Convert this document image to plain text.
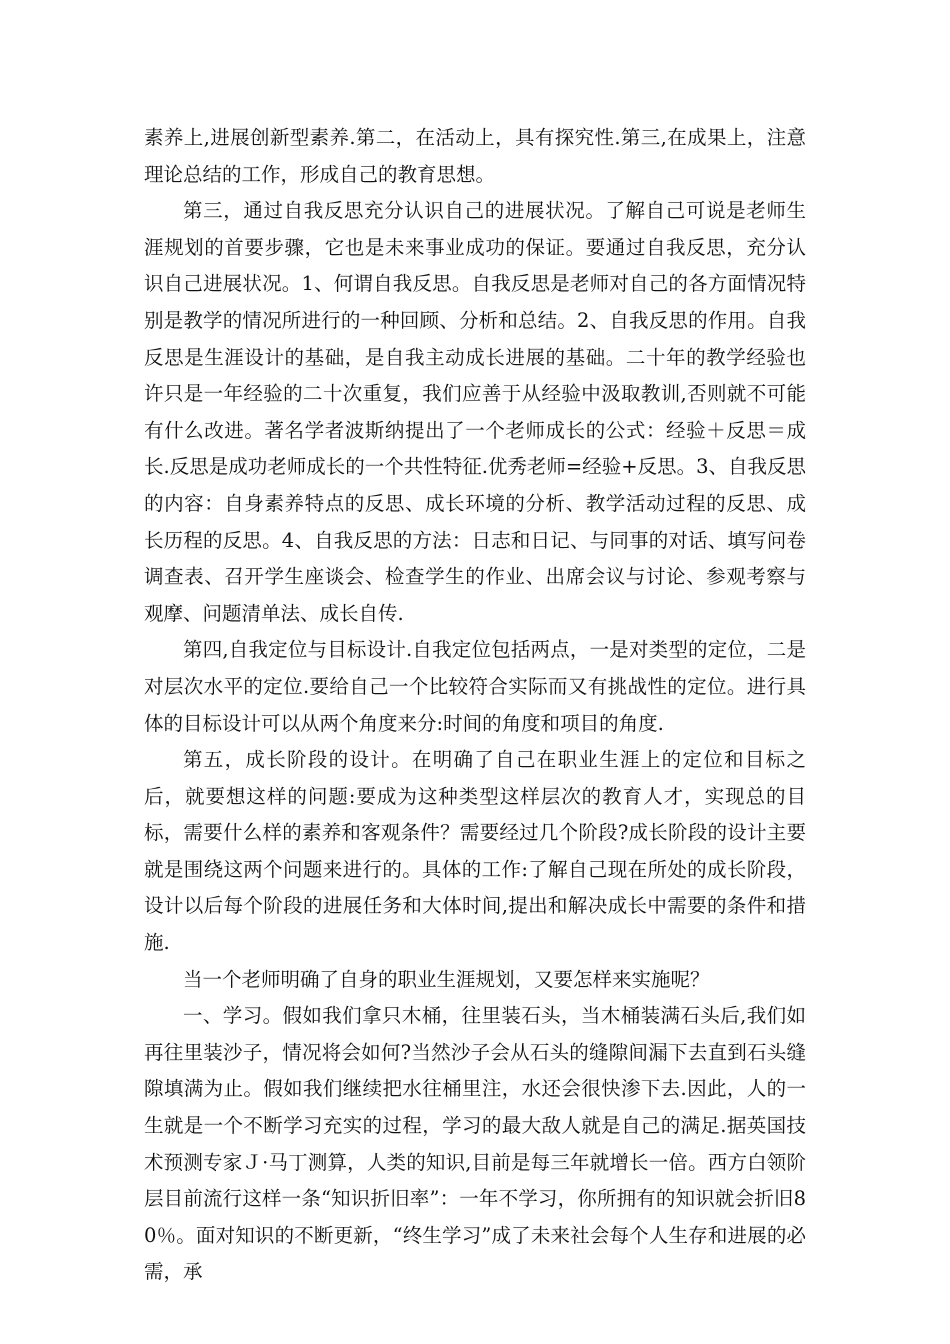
素养上,进展创新型素养.第二，在活动上，具有探究性.第三,在成果上，注意理论总结的工作，形成自己的教育思想。

第三，通过自我反思充分认识自己的进展状况。了解自己可说是老师生涯规划的首要步骤，它也是未来事业成功的保证。要通过自我反思，充分认识自己进展状况。1、何谓自我反思。自我反思是老师对自己的各方面情况特别是教学的情况所进行的一种回顾、分析和总结。2、自我反思的作用。自我反思是生涯设计的基础，是自我主动成长进展的基础。二十年的教学经验也许只是一年经验的二十次重复，我们应善于从经验中汲取教训,否则就不可能有什么改进。著名学者波斯纳提出了一个老师成长的公式：经验＋反思＝成长.反思是成功老师成长的一个共性特征.优秀老师=经验+反思。3、自我反思的内容：自身素养特点的反思、成长环境的分析、教学活动过程的反思、成长历程的反思。4、自我反思的方法：日志和日记、与同事的对话、填写问卷调查表、召开学生座谈会、检查学生的作业、出席会议与讨论、参观考察与观摩、问题清单法、成长自传.

第四,自我定位与目标设计.自我定位包括两点，一是对类型的定位，二是对层次水平的定位.要给自己一个比较符合实际而又有挑战性的定位。进行具体的目标设计可以从两个角度来分:时间的角度和项目的角度.

第五，成长阶段的设计。在明确了自己在职业生涯上的定位和目标之后，就要想这样的问题:要成为这种类型这样层次的教育人才，实现总的目标，需要什么样的素养和客观条件？需要经过几个阶段?成长阶段的设计主要就是围绕这两个问题来进行的。具体的工作:了解自己现在所处的成长阶段，设计以后每个阶段的进展任务和大体时间,提出和解决成长中需要的条件和措施.

当一个老师明确了自身的职业生涯规划，又要怎样来实施呢？

一、学习。假如我们拿只木桶，往里装石头，当木桶装满石头后,我们如再往里装沙子，情况将会如何?当然沙子会从石头的缝隙间漏下去直到石头缝隙填满为止。假如我们继续把水往桶里注，水还会很快渗下去.因此，人的一生就是一个不断学习充实的过程，学习的最大敌人就是自己的满足.据英国技术预测专家Ｊ·马丁测算，人类的知识,目前是每三年就增长一倍。西方白领阶层目前流行这样一条“知识折旧率”：一年不学习，你所拥有的知识就会折旧80％。面对知识的不断更新，“终生学习”成了未来社会每个人生存和进展的必需，承
